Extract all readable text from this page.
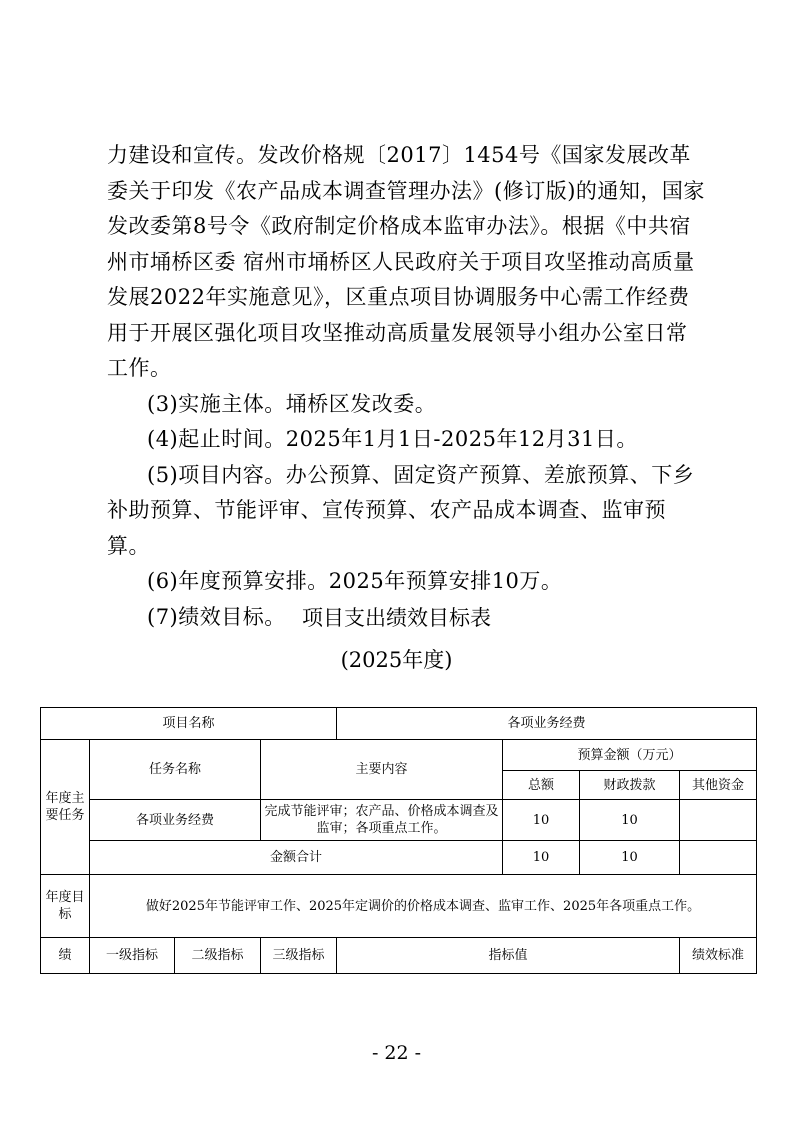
力建设和宣传。发改价格规〔2017〕1454号《国家发展改革委关于印发《农产品成本调查管理办法》(修订版)的通知，国家发改委第8号令《政府制定价格成本监审办法》。根据《中共宿州市埇桥区委 宿州市埇桥区人民政府关于项目攻坚推动高质量发展2022年实施意见》，区重点项目协调服务中心需工作经费用于开展区强化项目攻坚推动高质量发展领导小组办公室日常工作。

(3)实施主体。埇桥区发改委。

(4)起止时间。2025年1月1日-2025年12月31日。

(5)项目内容。办公预算、固定资产预算、差旅预算、下乡补助预算、节能评审、宣传预算、农产品成本调查、监审预算。

(6)年度预算安排。2025年预算安排10万。

(7)绩效目标。 项目支出绩效目标表
(2025年度)
项目名称				各项业务经费			
年度主要任务	任务名称		主要内容		预算金额（万元）		
					总额	财政拨款	其他资金
	各项业务经费		完成节能评审；农产品、价格成本调查及监审；各项重点工作。		10	10	
	金额合计				10	10	
年度目标	做好2025年节能评审工作、2025年定调价的价格成本调查、监审工作、2025年各项重点工作。						
绩	一级指标	二级指标	三级指标	指标值			绩效标准
- 22 -
